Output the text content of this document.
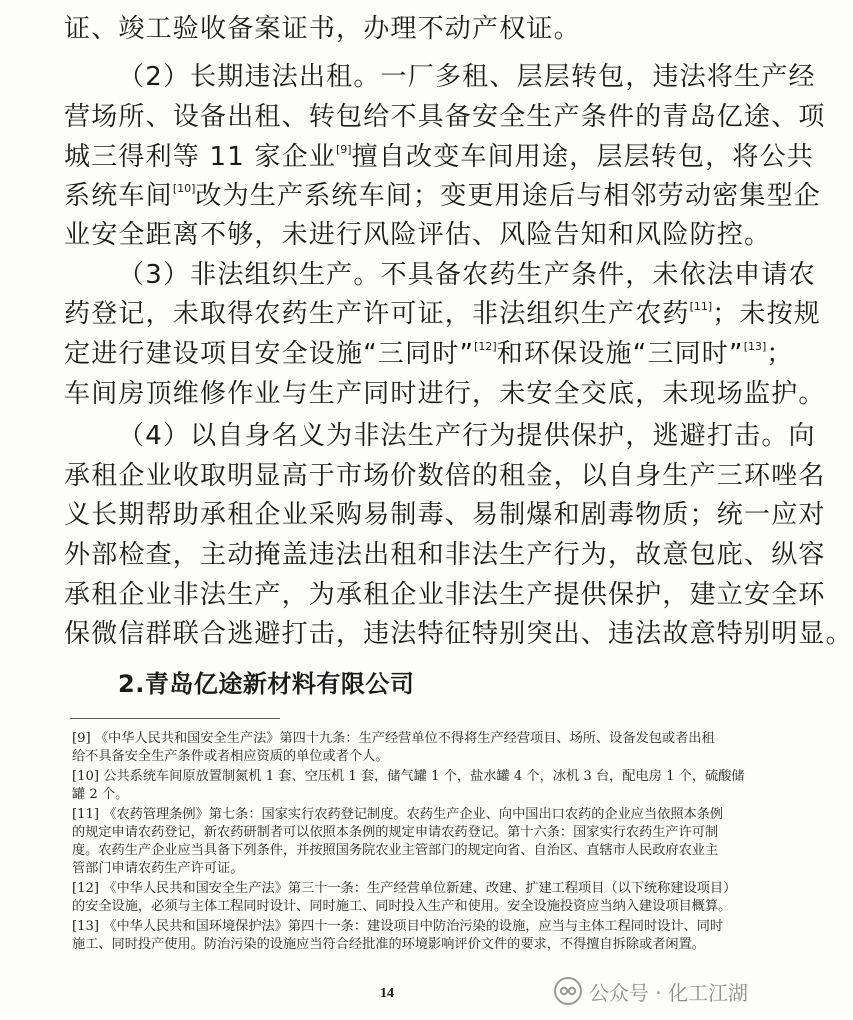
证、竣工验收备案证书，办理不动产权证。
（2）长期违法出租。一厂多租、层层转包，违法将生产经
营场所、设备出租、转包给不具备安全生产条件的青岛亿途、项
城三得利等 11 家企业[9]擅自改变车间用途，层层转包，将公共
系统车间[10]改为生产系统车间；变更用途后与相邻劳动密集型企
业安全距离不够，未进行风险评估、风险告知和风险防控。
（3）非法组织生产。不具备农药生产条件，未依法申请农
药登记，未取得农药生产许可证，非法组织生产农药[11]；未按规
定进行建设项目安全设施“三同时”[12]和环保设施“三同时”[13]；
车间房顶维修作业与生产同时进行，未安全交底，未现场监护。
（4）以自身名义为非法生产行为提供保护，逃避打击。向
承租企业收取明显高于市场价数倍的租金，以自身生产三环唑名
义长期帮助承租企业采购易制毒、易制爆和剧毒物质；统一应对
外部检查，主动掩盖违法出租和非法生产行为，故意包庇、纵容
承租企业非法生产，为承租企业非法生产提供保护，建立安全环
保微信群联合逃避打击，违法特征特别突出、违法故意特别明显。
2.青岛亿途新材料有限公司
[9] 《中华人民共和国安全生产法》第四十九条：生产经营单位不得将生产经营项目、场所、设备发包或者出租
给不具备安全生产条件或者相应资质的单位或者个人。
[10] 公共系统车间原放置制氮机 1 套、空压机 1 套，储气罐 1 个，盐水罐 4 个，冰机 3 台，配电房 1 个，硫酸储
罐 2 个。
[11] 《农药管理条例》第七条：国家实行农药登记制度。农药生产企业、向中国出口农药的企业应当依照本条例
的规定申请农药登记，新农药研制者可以依照本条例的规定申请农药登记。第十六条：国家实行农药生产许可制
度。农药生产企业应当具备下列条件，并按照国务院农业主管部门的规定向省、自治区、直辖市人民政府农业主
管部门申请农药生产许可证。
[12] 《中华人民共和国安全生产法》第三十一条：生产经营单位新建、改建、扩建工程项目（以下统称建设项目）
的安全设施，必须与主体工程同时设计、同时施工、同时投入生产和使用。安全设施投资应当纳入建设项目概算。
[13] 《中华人民共和国环境保护法》第四十一条：建设项目中防治污染的设施，应当与主体工程同时设计、同时
施工、同时投产使用。防治污染的设施应当符合经批准的环境影响评价文件的要求，不得擅自拆除或者闲置。
14	公众号 · 化工江湖
